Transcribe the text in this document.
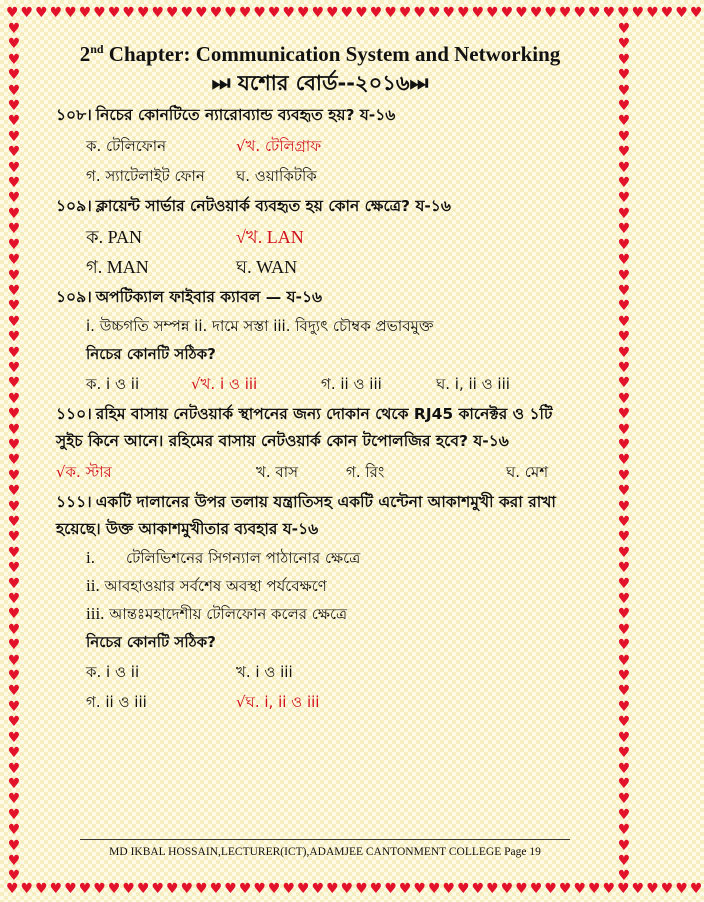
♥♥♥♥♥♥♥♥♥♥♥♥♥♥♥♥♥♥♥♥♥♥♥♥♥♥♥♥♥♥♥♥♥♥♥♥♥♥♥♥♥♥♥♥♥♥♥♥
♥♥♥♥♥♥♥♥♥♥♥♥♥♥♥♥♥♥♥♥♥♥♥♥♥♥♥♥♥♥♥♥♥♥♥♥♥♥♥♥♥♥♥♥♥♥♥♥
♥♥♥♥♥♥♥♥♥♥♥♥♥♥♥♥♥♥♥♥♥♥♥♥♥♥♥♥♥♥♥♥♥♥♥♥♥♥♥♥♥♥♥♥♥♥♥♥♥♥♥♥♥♥♥♥
♥♥♥♥♥♥♥♥♥♥♥♥♥♥♥♥♥♥♥♥♥♥♥♥♥♥♥♥♥♥♥♥♥♥♥♥♥♥♥♥♥♥♥♥♥♥♥♥♥♥♥♥♥♥♥♥
2nd Chapter: Communication System and Networking
⏭ যশোর বোর্ড--২০১৬⏭
১০৮। নিচের কোনটিতে ন্যারোব্যান্ড ব্যবহৃত হয়? য-১৬
ক. টেলিফোন	√খ. টেলিগ্রাফ
গ. স্যাটেলাইট ফোন	ঘ. ওয়াকিটকি
১০৯। ক্লায়েন্ট সার্ভার নেটওয়ার্ক ব্যবহৃত হয় কোন ক্ষেত্রে? য-১৬
ক. PAN	√খ. LAN
গ. MAN	ঘ. WAN
১০৯। অপটিক্যাল ফাইবার ক্যাবল — য-১৬
i. উচ্চগতি সম্পন্ন ii. দামে সস্তা iii. বিদ্যুৎ চৌম্বক প্রভাবমুক্ত
নিচের কোনটি সঠিক?
ক. i ও ii	√খ. i ও iii	গ. ii ও iii	ঘ. i, ii ও iii
১১০। রহিম বাসায় নেটওয়ার্ক স্থাপনের জন্য দোকান থেকে RJ45 কানেক্টর ও ১টি
সুইচ কিনে আনে। রহিমের বাসায় নেটওয়ার্ক কোন টপোলজির হবে? য-১৬
√ক. স্টার	খ. বাস	গ. রিং	ঘ. মেশ
১১১। একটি দালানের উপর তলায় যন্ত্রাতিসহ একটি এন্টেনা আকাশমুখী করা রাখা
হয়েছে। উক্ত আকাশমুখীতার ব্যবহার য-১৬
i. টেলিভিশনের সিগন্যাল পাঠানোর ক্ষেত্রে
ii. আবহাওয়ার সর্বশেষ অবস্থা পর্যবেক্ষণে
iii. আন্তঃমহাদেশীয় টেলিফোন কলের ক্ষেত্রে
নিচের কোনটি সঠিক?
ক. i ও ii	খ. i ও iii
গ. ii ও iii	√ঘ. i, ii ও iii
MD IKBAL HOSSAIN,LECTURER(ICT),ADAMJEE CANTONMENT COLLEGE Page 19
